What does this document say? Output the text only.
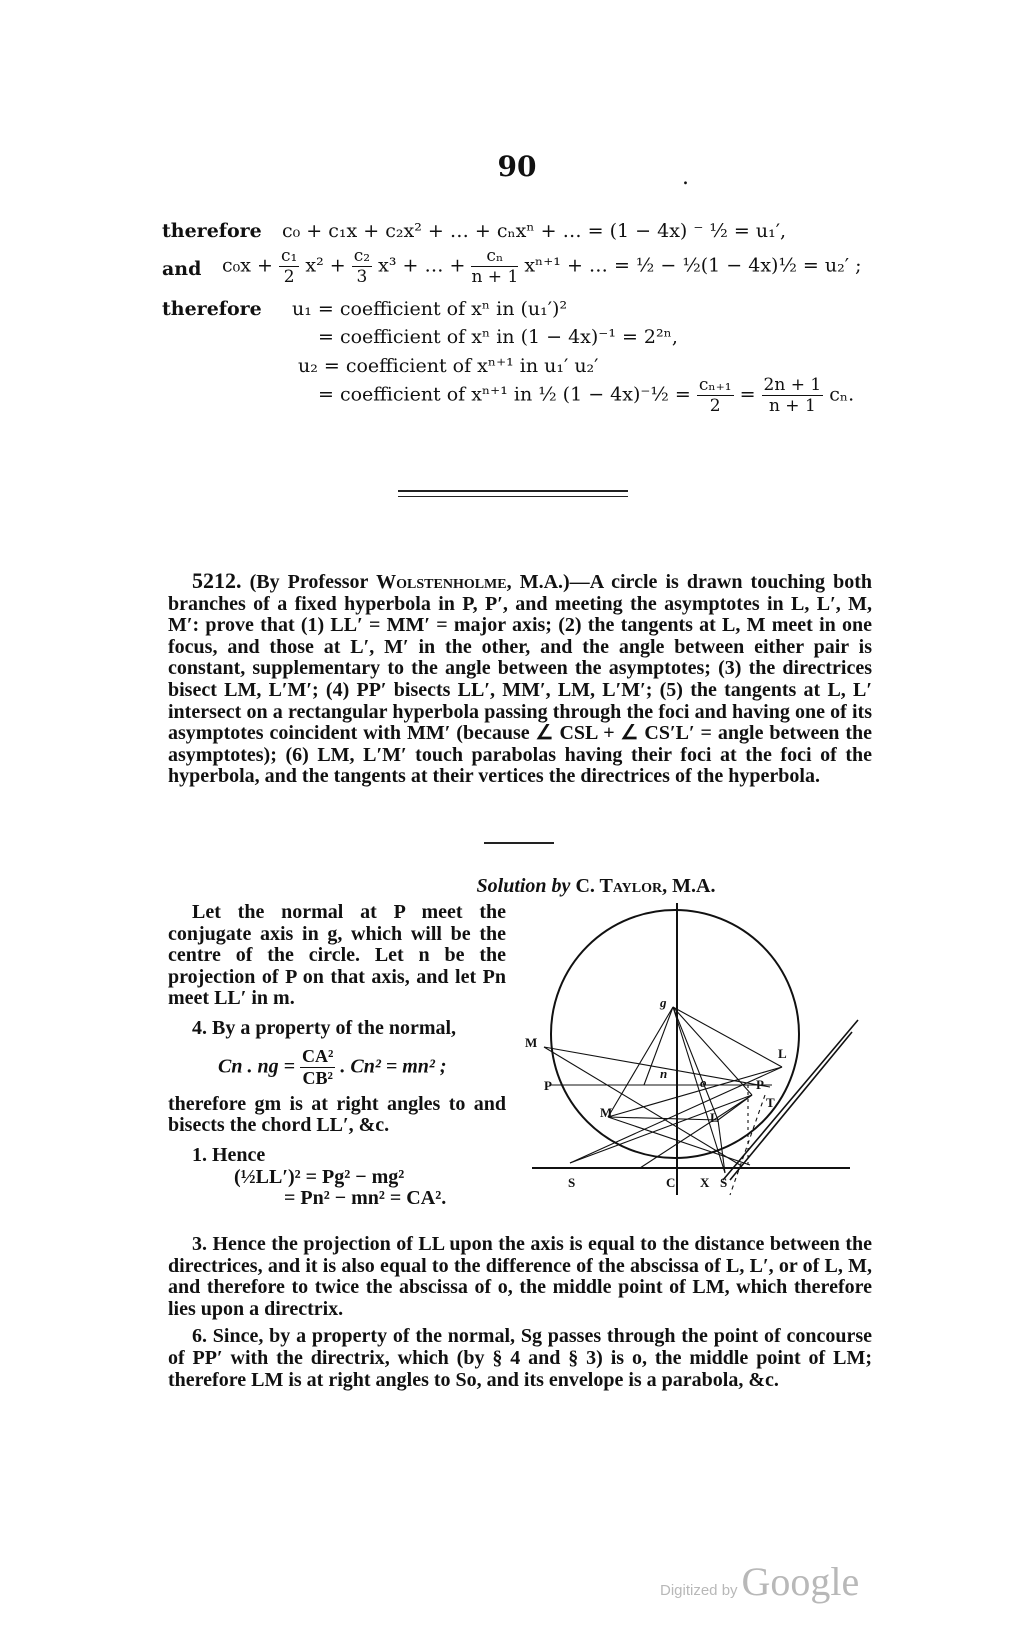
90	.
therefore c₀ + c₁x + c₂x² + … + cₙxⁿ + … = (1 − 4x) ⁻ ½ = u₁′,
and $c_0x + \frac{\text{c₁}}{2} x^2 + \frac{\text{c₂}}{3} x^3$ + … + $\frac{\text{cₙ}}{n + 1} x^{n+1}$ + … = ½ − ½(1 − 4x)½ = u₂′ ;
therefore u₁ = coefficient of xⁿ in (u₁′)²
= coefficient of xⁿ in (1 − 4x)⁻¹ = 2²ⁿ,
u₂ = coefficient of xⁿ⁺¹ in u₁′ u₂′
= coefficient of xⁿ⁺¹ in ½ (1 − 4x)⁻½ = $\frac{\text{cₙ₊₁}}{2} = \frac{2n + 1}{n + 1} c_n$.

5212. (By Professor Wolstenholme, M.A.)—A circle is drawn touching both branches of a fixed hyperbola in P, P′, and meeting the asymptotes in L, L′, M, M′: prove that (1) LL′ = MM′ = major axis; (2) the tangents at L, M meet in one focus, and those at L′, M′ in the other, and the angle between either pair is constant, supplementary to the angle between the asymptotes; (3) the directrices bisect LM, L′M′; (4) PP′ bisects LL′, MM′, LM, L′M′; (5) the tangents at L, L′ intersect on a rectangular hyperbola passing through the foci and having one of its asymptotes coincident with MM′ (because ∠ CSL + ∠ CS′L′ = angle between the asymptotes); (6) LM, L′M′ touch parabolas having their foci at the foci of the hyperbola, and the tangents at their vertices the directrices of the hyperbola.

Solution by C. Taylor, M.A.

Let the normal at P meet the conjugate axis in g, which will be the centre of the circle. Let n be the projection of P on that axis, and let Pn meet LL′ in m.

4. By a property of the normal,

Cn . ng = $\frac{\text{CA²}}{\text{CB²}}$ . Cn² = mn² ;

therefore gm is at right angles to and bisects the chord LL′, &c.

1. Hence

(½LL′)² = Pg² − mg²
= Pn² − mn² = CA².
g
L
M
n
P	o	P
M
T
L
S	C X S

3. Hence the projection of LL upon the axis is equal to the distance between the directrices, and it is also equal to the difference of the abscissa of L, L′, or of L, M, and therefore to twice the abscissa of o, the middle point of LM, which therefore lies upon a directrix.

6. Since, by a property of the normal, Sg passes through the point of concourse of PP′ with the directrix, which (by § 4 and § 3) is o, the middle point of LM; therefore LM is at right angles to So, and its envelope is a parabola, &c.

Digitized by Google
